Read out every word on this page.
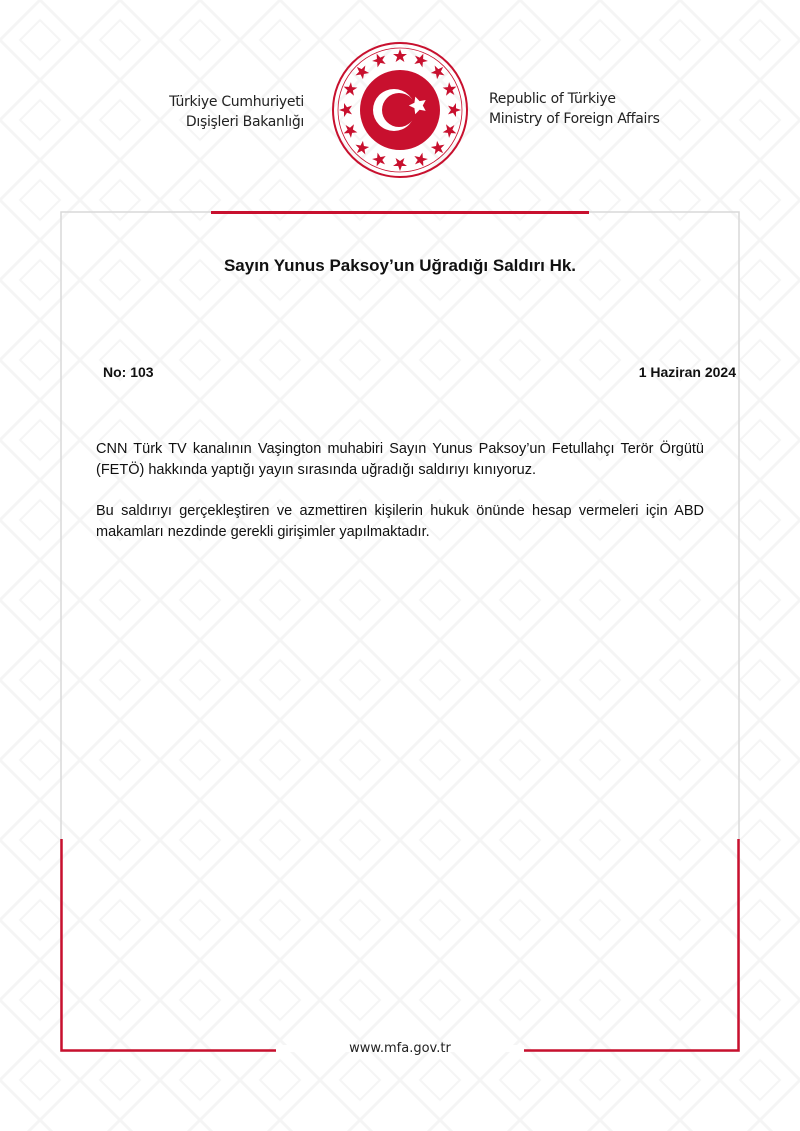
Türkiye Cumhuriyeti
Dışişleri Bakanlığı
Republic of Türkiye
Ministry of Foreign Affairs
Sayın Yunus Paksoy’un Uğradığı Saldırı Hk.
No: 103	1 Haziran 2024
CNN Türk TV kanalının Vaşington muhabiri Sayın Yunus Paksoy’un Fetullahçı Terör Örgütü (FETÖ) hakkında yaptığı yayın sırasında uğradığı saldırıyı kınıyoruz.
Bu saldırıyı gerçekleştiren ve azmettiren kişilerin hukuk önünde hesap vermeleri için ABD makamları nezdinde gerekli girişimler yapılmaktadır.
www.mfa.gov.tr
